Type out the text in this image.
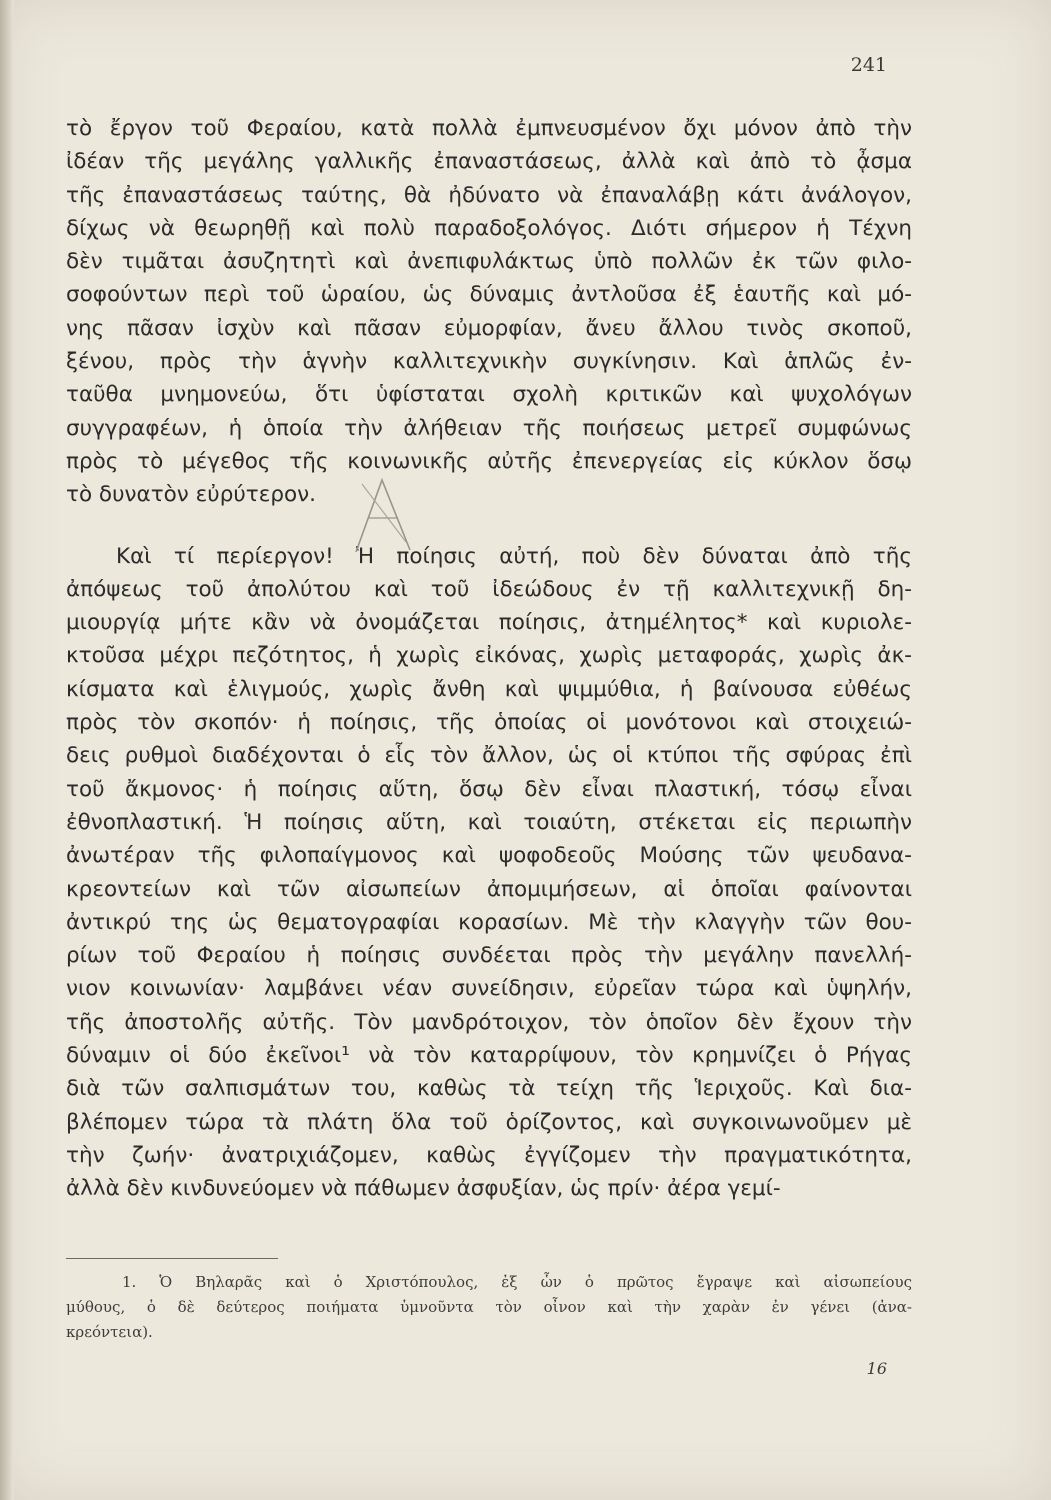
241
τὸ ἔργον τοῦ Φεραίου, κατὰ πολλὰ ἐμπνευσμένον ὄχι μόνον ἀπὸ τὴν
ἰδέαν τῆς μεγάλης γαλλικῆς ἐπαναστάσεως, ἀλλὰ καὶ ἀπὸ τὸ ᾆσμα
τῆς ἐπαναστάσεως ταύτης, θὰ ἠδύνατο νὰ ἐπαναλάβῃ κάτι ἀνάλογον,
δίχως νὰ θεωρηθῇ καὶ πολὺ παραδοξολόγος. Διότι σήμερον ἡ Τέχνη
δὲν τιμᾶται ἀσυζητητὶ καὶ ἀνεπιφυλάκτως ὑπὸ πολλῶν ἐκ τῶν φιλο-
σοφούντων περὶ τοῦ ὡραίου, ὡς δύναμις ἀντλοῦσα ἐξ ἑαυτῆς καὶ μό-
νης πᾶσαν ἰσχὺν καὶ πᾶσαν εὐμορφίαν, ἄνευ ἄλλου τινὸς σκοποῦ,
ξένου, πρὸς τὴν ἁγνὴν καλλιτεχνικὴν συγκίνησιν. Καὶ ἁπλῶς ἐν-
ταῦθα μνημονεύω, ὅτι ὑφίσταται σχολὴ κριτικῶν καὶ ψυχολόγων
συγγραφέων, ἡ ὁποία τὴν ἀλήθειαν τῆς ποιήσεως μετρεῖ συμφώνως
πρὸς τὸ μέγεθος τῆς κοινωνικῆς αὐτῆς ἐπενεργείας εἰς κύκλον ὅσῳ
τὸ δυνατὸν εὐρύτερον.
Καὶ τί περίεργον! Ἡ ποίησις αὐτή, ποὺ δὲν δύναται ἀπὸ τῆς
ἀπόψεως τοῦ ἀπολύτου καὶ τοῦ ἰδεώδους ἐν τῇ καλλιτεχνικῇ δη-
μιουργίᾳ μήτε κἂν νὰ ὀνομάζεται ποίησις, ἀτημέλητος* καὶ κυριολε-
κτοῦσα μέχρι πεζότητος, ἡ χωρὶς εἰκόνας, χωρὶς μεταφοράς, χωρὶς ἀκ-
κίσματα καὶ ἑλιγμούς, χωρὶς ἄνθη καὶ ψιμμύθια, ἡ βαίνουσα εὐθέως
πρὸς τὸν σκοπόν· ἡ ποίησις, τῆς ὁποίας οἱ μονότονοι καὶ στοιχειώ-
δεις ρυθμοὶ διαδέχονται ὁ εἷς τὸν ἄλλον, ὡς οἱ κτύποι τῆς σφύρας ἐπὶ
τοῦ ἄκμονος· ἡ ποίησις αὕτη, ὅσῳ δὲν εἶναι πλαστική, τόσῳ εἶναι
ἐθνοπλαστική. Ἡ ποίησις αὕτη, καὶ τοιαύτη, στέκεται εἰς περιωπὴν
ἀνωτέραν τῆς φιλοπαίγμονος καὶ ψοφοδεοῦς Μούσης τῶν ψευδανα-
κρεοντείων καὶ τῶν αἰσωπείων ἀπομιμήσεων, αἱ ὁποῖαι φαίνονται
ἀντικρύ της ὡς θεματογραφίαι κορασίων. Μὲ τὴν κλαγγὴν τῶν θου-
ρίων τοῦ Φεραίου ἡ ποίησις συνδέεται πρὸς τὴν μεγάλην πανελλή-
νιον κοινωνίαν· λαμβάνει νέαν συνείδησιν, εὐρεῖαν τώρα καὶ ὑψηλήν,
τῆς ἀποστολῆς αὐτῆς. Τὸν μανδρότοιχον, τὸν ὁποῖον δὲν ἔχουν τὴν
δύναμιν οἱ δύο ἐκεῖνοι¹ νὰ τὸν καταρρίψουν, τὸν κρημνίζει ὁ Ρήγας
διὰ τῶν σαλπισμάτων του, καθὼς τὰ τείχη τῆς Ἱεριχοῦς. Καὶ δια-
βλέπομεν τώρα τὰ πλάτη ὅλα τοῦ ὁρίζοντος, καὶ συγκοινωνοῦμεν μὲ
τὴν ζωήν· ἀνατριχιάζομεν, καθὼς ἐγγίζομεν τὴν πραγματικότητα,
ἀλλὰ δὲν κινδυνεύομεν νὰ πάθωμεν ἀσφυξίαν, ὡς πρίν· ἀέρα γεμί-
1. Ὁ Βηλαρᾶς καὶ ὁ Χριστόπουλος, ἐξ ὧν ὁ πρῶτος ἔγραψε καὶ αἰσωπείους
μύθους, ὁ δὲ δεύτερος ποιήματα ὑμνοῦντα τὸν οἶνον καὶ τὴν χαρὰν ἐν γένει (ἀνα-
κρεόντεια).
16
